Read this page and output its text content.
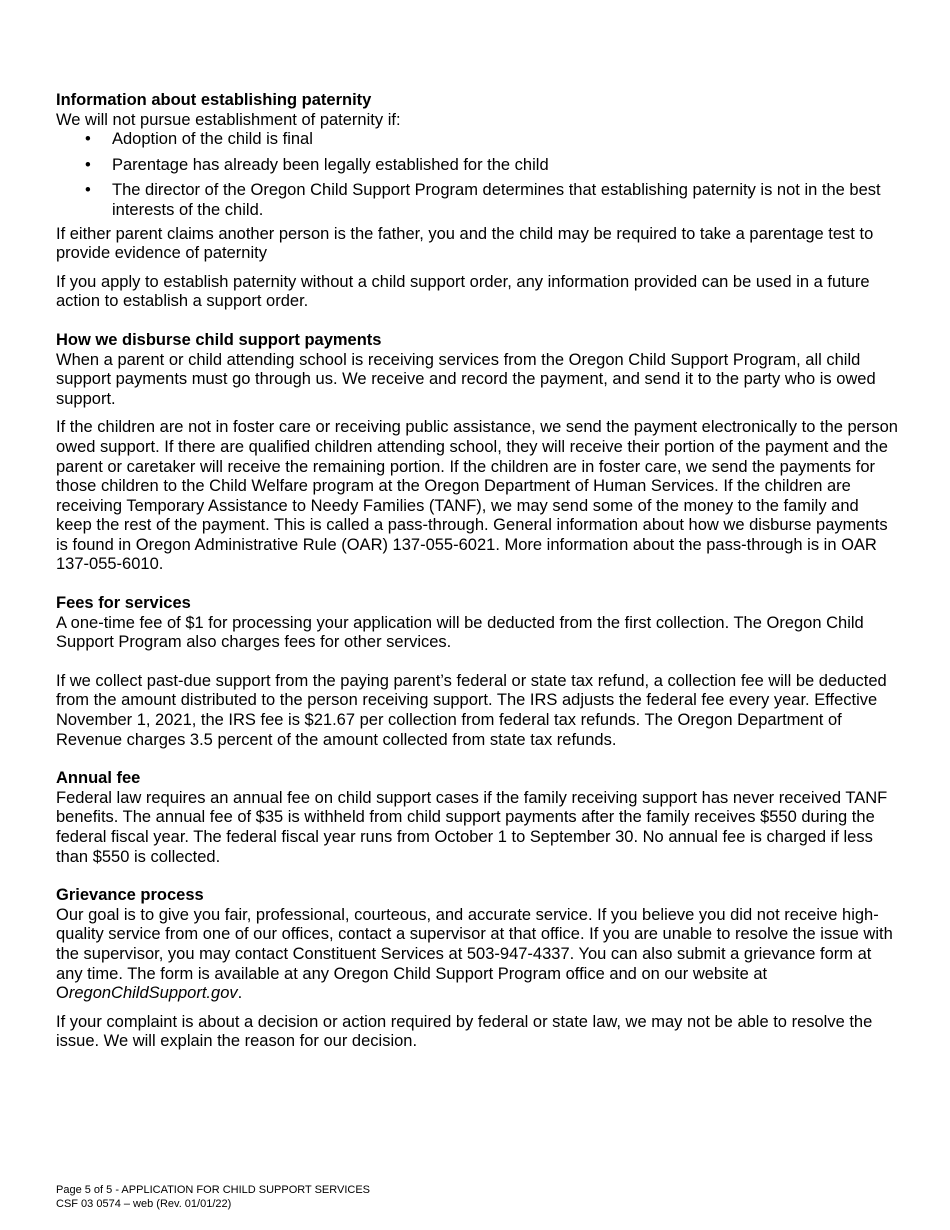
Information about establishing paternity

We will not pursue establishment of paternity if:

• Adoption of the child is final
• Parentage has already been legally established for the child
• The director of the Oregon Child Support Program determines that establishing paternity is not in the best interests of the child.

If either parent claims another person is the father, you and the child may be required to take a parentage test to provide evidence of paternity

If you apply to establish paternity without a child support order, any information provided can be used in a future action to establish a support order.

How we disburse child support payments

When a parent or child attending school is receiving services from the Oregon Child Support Program, all child support payments must go through us. We receive and record the payment, and send it to the party who is owed support.

If the children are not in foster care or receiving public assistance, we send the payment electronically to the person owed support. If there are qualified children attending school, they will receive their portion of the payment and the parent or caretaker will receive the remaining portion. If the children are in foster care, we send the payments for those children to the Child Welfare program at the Oregon Department of Human Services. If the children are receiving Temporary Assistance to Needy Families (TANF), we may send some of the money to the family and keep the rest of the payment. This is called a pass-through. General information about how we disburse payments is found in Oregon Administrative Rule (OAR) 137-055-6021. More information about the pass-through is in OAR 137-055-6010.

Fees for services

A one-time fee of $1 for processing your application will be deducted from the first collection. The Oregon Child Support Program also charges fees for other services.

If we collect past-due support from the paying parent’s federal or state tax refund, a collection fee will be deducted from the amount distributed to the person receiving support. The IRS adjusts the federal fee every year. Effective November 1, 2021, the IRS fee is $21.67 per collection from federal tax refunds. The Oregon Department of Revenue charges 3.5 percent of the amount collected from state tax refunds.

Annual fee

Federal law requires an annual fee on child support cases if the family receiving support has never received TANF benefits. The annual fee of $35 is withheld from child support payments after the family receives $550 during the federal fiscal year. The federal fiscal year runs from October 1 to September 30. No annual fee is charged if less than $550 is collected.

Grievance process

Our goal is to give you fair, professional, courteous, and accurate service. If you believe you did not receive high-quality service from one of our offices, contact a supervisor at that office. If you are unable to resolve the issue with the supervisor, you may contact Constituent Services at 503-947-4337. You can also submit a grievance form at any time. The form is available at any Oregon Child Support Program office and on our website at OregonChildSupport.gov.

If your complaint is about a decision or action required by federal or state law, we may not be able to resolve the issue. We will explain the reason for our decision.

Page 5 of 5 - APPLICATION FOR CHILD SUPPORT SERVICES
CSF 03 0574 – web (Rev. 01/01/22)
